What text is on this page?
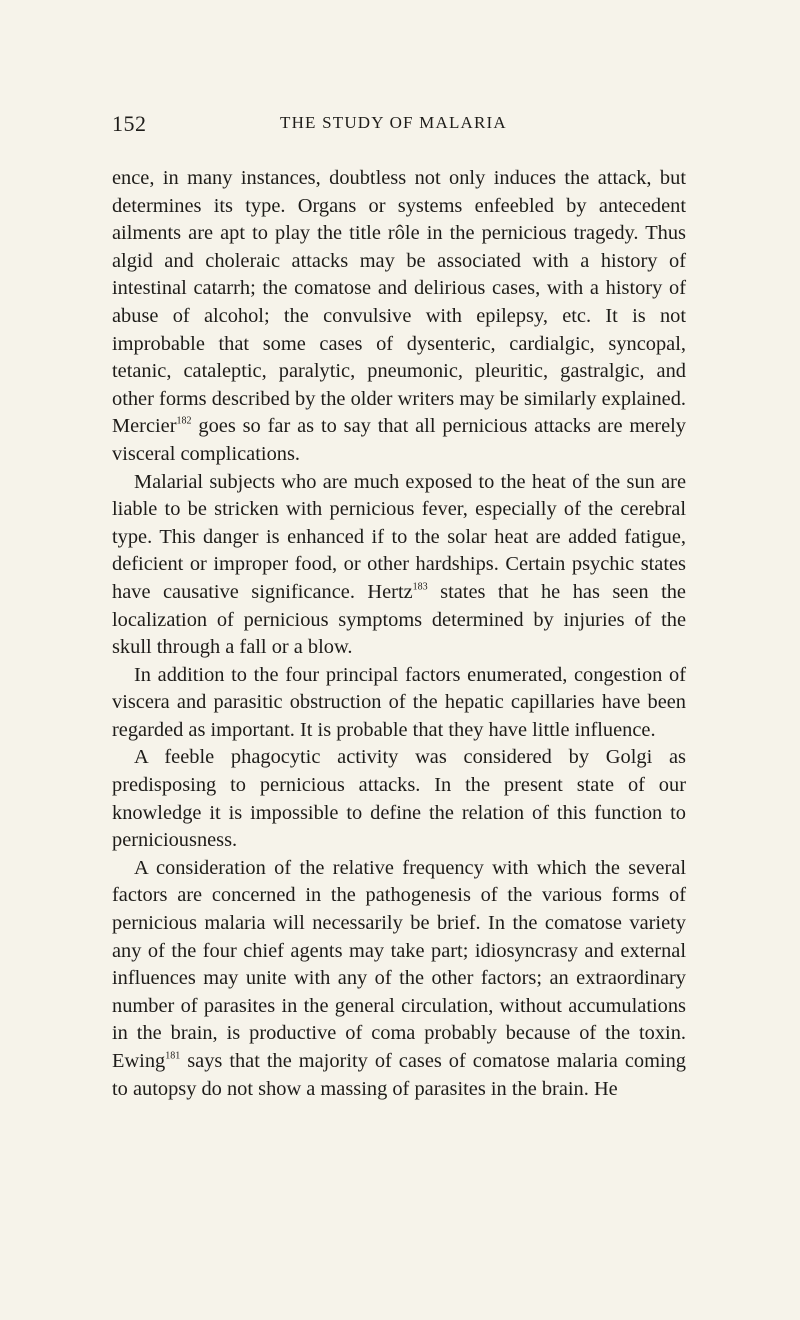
152	THE STUDY OF MALARIA

ence, in many instances, doubtless not only induces the attack, but determines its type. Organs or systems enfeebled by antecedent ailments are apt to play the title rôle in the pernicious tragedy. Thus algid and choleraic attacks may be associated with a history of intestinal catarrh; the comatose and delirious cases, with a history of abuse of alcohol; the convulsive with epilepsy, etc. It is not improbable that some cases of dysenteric, cardialgic, syncopal, tetanic, cataleptic, paralytic, pneumonic, pleuritic, gastralgic, and other forms described by the older writers may be similarly explained. Mercier$^{182}$ goes so far as to say that all pernicious attacks are merely visceral complications.

Malarial subjects who are much exposed to the heat of the sun are liable to be stricken with pernicious fever, especially of the cerebral type. This danger is enhanced if to the solar heat are added fatigue, deficient or improper food, or other hardships. Certain psychic states have causative significance. Hertz$^{183}$ states that he has seen the localization of pernicious symptoms determined by injuries of the skull through a fall or a blow.

In addition to the four principal factors enumerated, congestion of viscera and parasitic obstruction of the hepatic capillaries have been regarded as important. It is probable that they have little influence.

A feeble phagocytic activity was considered by Golgi as predisposing to pernicious attacks. In the present state of our knowledge it is impossible to define the relation of this function to perniciousness.

A consideration of the relative frequency with which the several factors are concerned in the pathogenesis of the various forms of pernicious malaria will necessarily be brief. In the comatose variety any of the four chief agents may take part; idiosyncrasy and external influences may unite with any of the other factors; an extraordinary number of parasites in the general circulation, without accumulations in the brain, is productive of coma probably because of the toxin. Ewing$^{181}$ says that the majority of cases of comatose malaria coming to autopsy do not show a massing of parasites in the brain. He
